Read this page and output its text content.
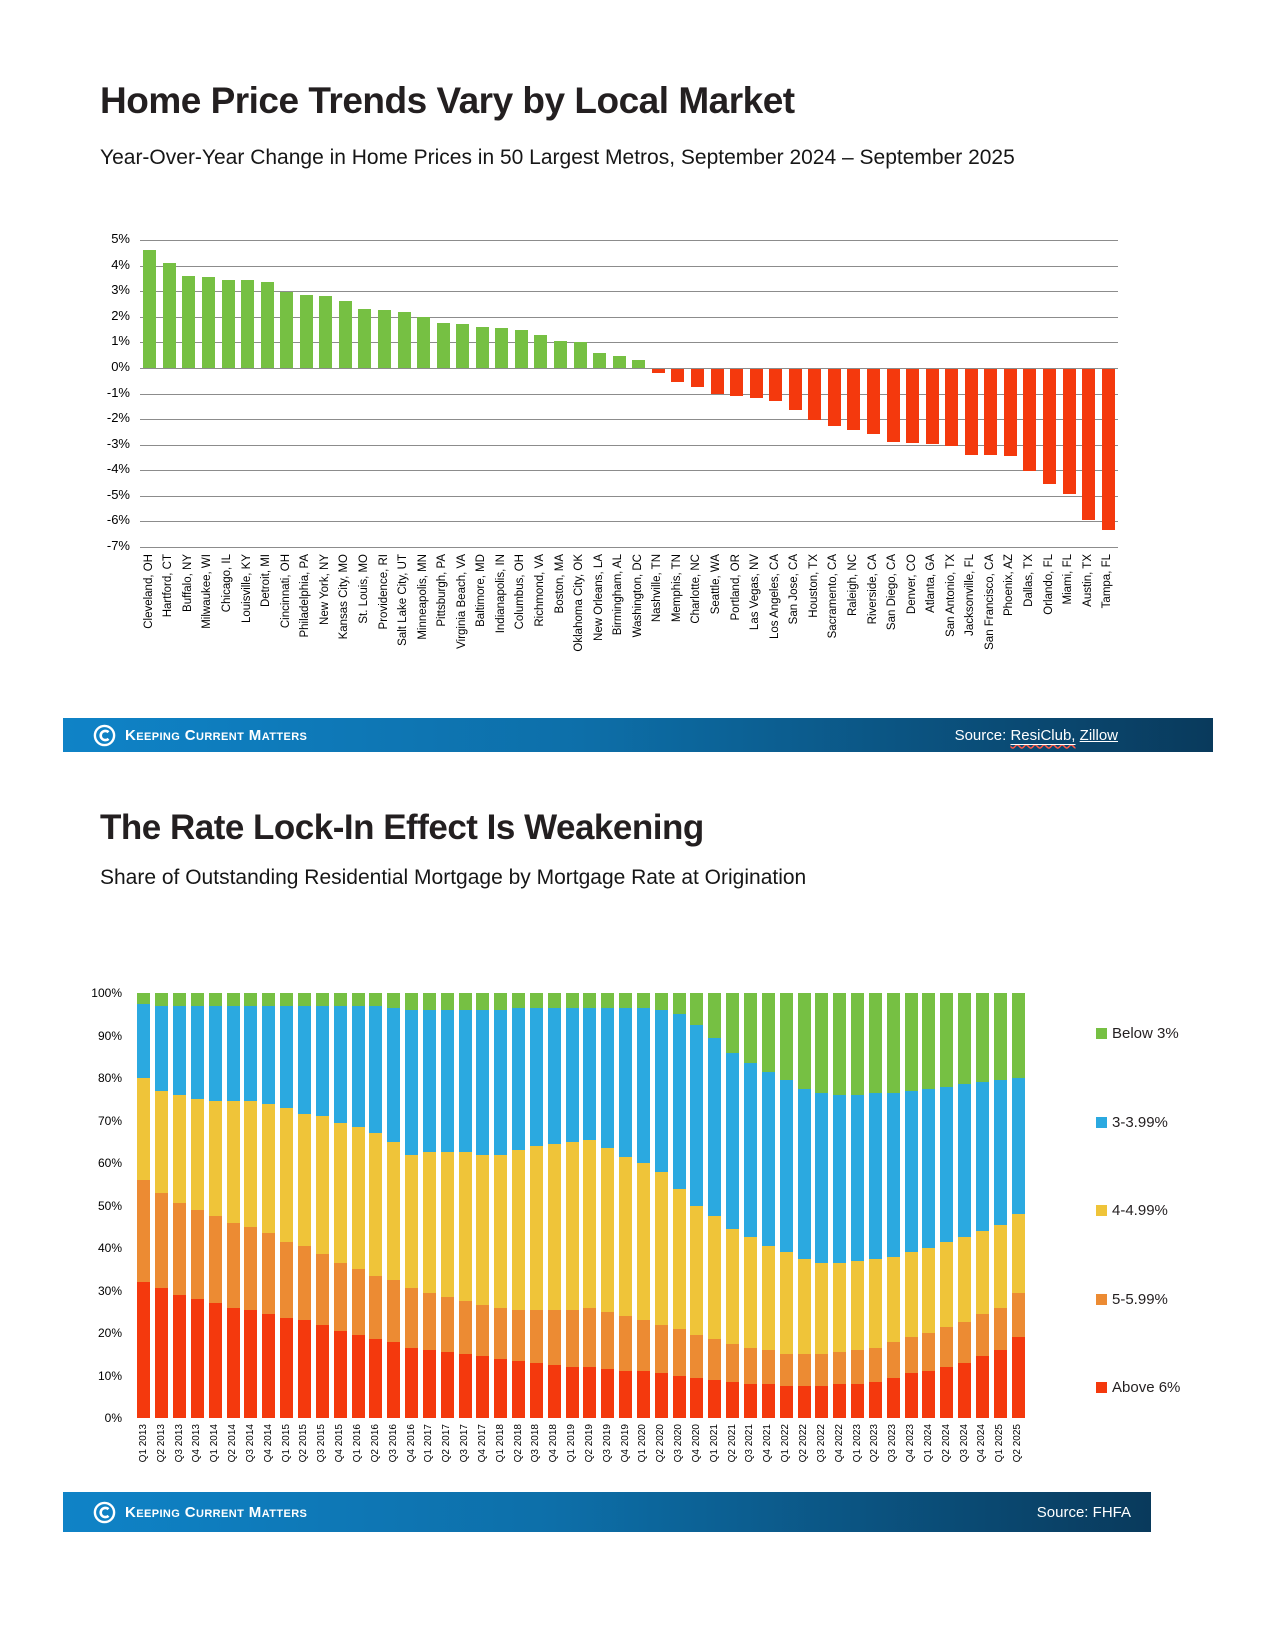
Home Price Trends Vary by Local Market
Year-Over-Year Change in Home Prices in 50 Largest Metros, September 2024 – September 2025
5%
4%
3%
2%
1%
0%
-1%
-2%
-3%
-4%
-5%
-6%
-7%
Cleveland, OH Hartford, CT Buffalo, NY Milwaukee, WI Chicago, IL Louisville, KY Detroit, MI Cincinnati, OH Philadelphia, PA New York, NY Kansas City, MO St. Louis, MO Providence, RI Salt Lake City, UT Minneapolis, MN Pittsburgh, PA Virginia Beach, VA Baltimore, MD Indianapolis, IN Columbus, OH Richmond, VA Boston, MA Oklahoma City, OK New Orleans, LA Birmingham, AL Washington, DC Nashville, TN Memphis, TN Charlotte, NC Seattle, WA Portland, OR Las Vegas, NV Los Angeles, CA San Jose, CA Houston, TX Sacramento, CA Raleigh, NC Riverside, CA San Diego, CA Denver, CO Atlanta, GA San Antonio, TX Jacksonville, FL San Francisco, CA Phoenix, AZ Dallas, TX Orlando, FL Miami, FL Austin, TX Tampa, FL
Keeping Current Matters	Source: ResiClub, Zillow
The Rate Lock-In Effect Is Weakening
Share of Outstanding Residential Mortgage by Mortgage Rate at Origination
100%
90%
80%
70%
60%
50%
40%
30%
20%
10%
0%
Q1 2013 Q2 2013 Q3 2013 Q4 2013 Q1 2014 Q2 2014 Q3 2014 Q4 2014 Q1 2015 Q2 2015 Q3 2015 Q4 2015 Q1 2016 Q2 2016 Q3 2016 Q4 2016 Q1 2017 Q2 2017 Q3 2017 Q4 2017 Q1 2018 Q2 2018 Q3 2018 Q4 2018 Q1 2019 Q2 2019 Q3 2019 Q4 2019 Q1 2020 Q2 2020 Q3 2020 Q4 2020 Q1 2021 Q2 2021 Q3 2021 Q4 2021 Q1 2022 Q2 2022 Q3 2022 Q4 2022 Q1 2023 Q2 2023 Q3 2023 Q4 2023 Q1 2024 Q2 2024 Q3 2024 Q4 2024 Q1 2025 Q2 2025
Below 3%
3-3.99%
4-4.99%
5-5.99%
Above 6%
Keeping Current Matters	Source: FHFA
